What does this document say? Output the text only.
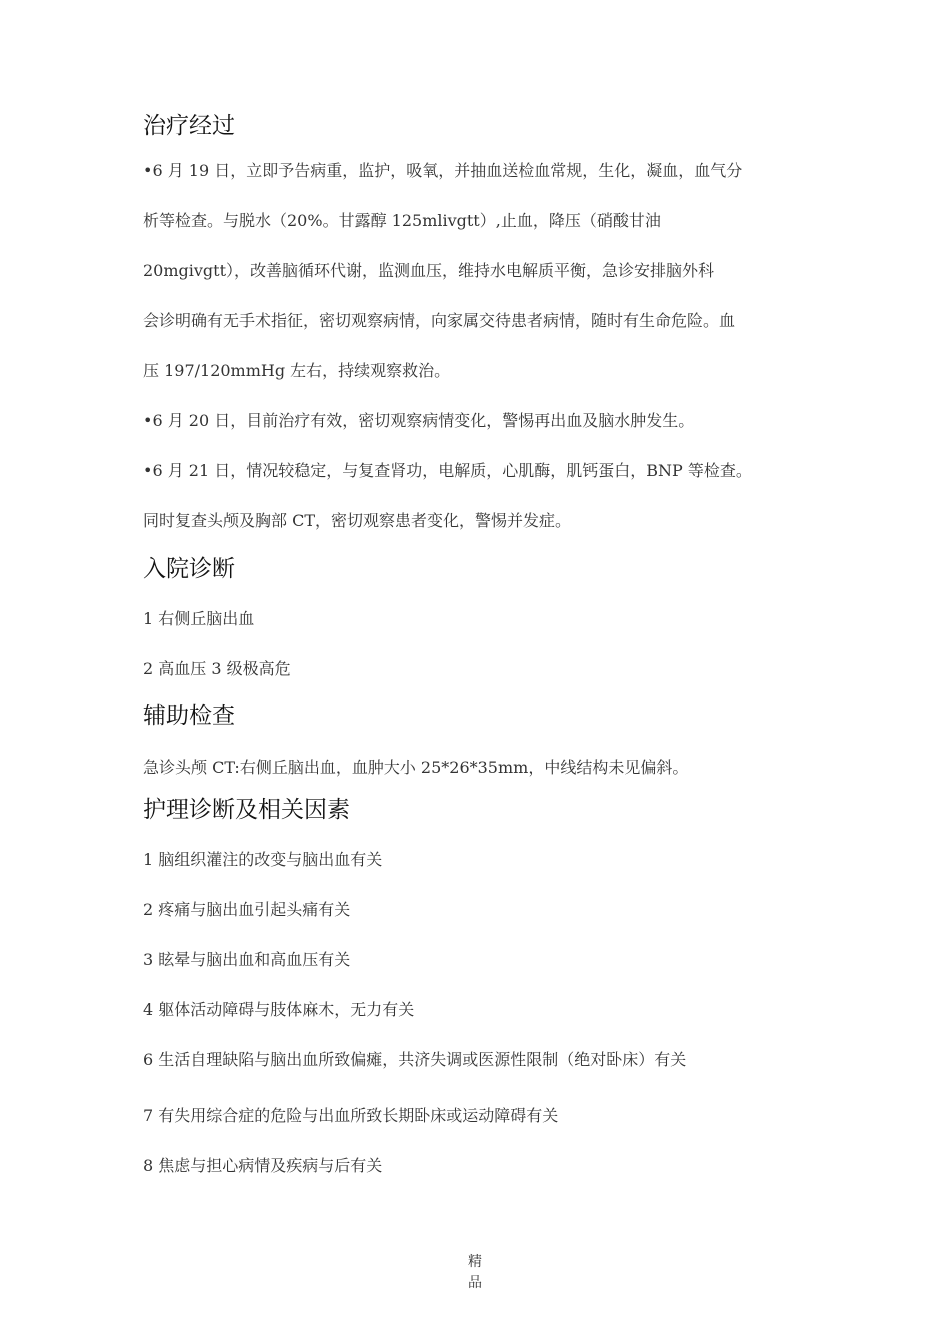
治疗经过
•6 月 19 日，立即予告病重，监护，吸氧，并抽血送检血常规，生化，凝血，血气分
析等检查。与脱水（20%。甘露醇 125mlivgtt）,止血，降压（硝酸甘油
20mgivgtt），改善脑循环代谢，监测血压，维持水电解质平衡，急诊安排脑外科
会诊明确有无手术指征，密切观察病情，向家属交待患者病情，随时有生命危险。血
压 197/120mmHg 左右，持续观察救治。
•6 月 20 日，目前治疗有效，密切观察病情变化，警惕再出血及脑水肿发生。
•6 月 21 日，情况较稳定，与复查肾功，电解质，心肌酶，肌钙蛋白，BNP 等检查。
同时复查头颅及胸部 CT，密切观察患者变化，警惕并发症。
入院诊断
1 右侧丘脑出血
2 高血压 3 级极高危
辅助检查
急诊头颅 CT:右侧丘脑出血，血肿大小 25*26*35mm，中线结构未见偏斜。
护理诊断及相关因素
1 脑组织灌注的改变与脑出血有关
2 疼痛与脑出血引起头痛有关
3 眩晕与脑出血和高血压有关
4 躯体活动障碍与肢体麻木，无力有关
6 生活自理缺陷与脑出血所致偏瘫，共济失调或医源性限制（绝对卧床）有关
7 有失用综合症的危险与出血所致长期卧床或运动障碍有关
8 焦虑与担心病情及疾病与后有关
精
品
